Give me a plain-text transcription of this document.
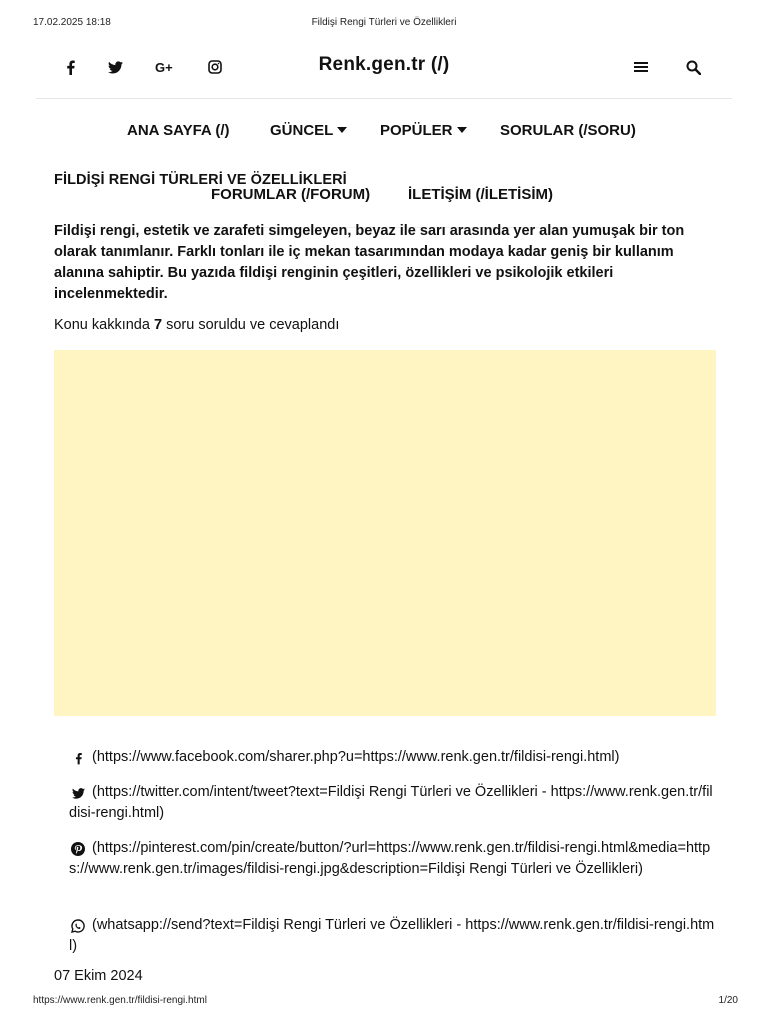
17.02.2025 18:18	Fildişi Rengi Türleri ve Özellikleri
G+	Renk.gen.tr (/)
ANA SAYFA (/)	GÜNCEL	POPÜLER	SORULAR (/SORU)
FİLDİŞİ RENGİ TÜRLERİ VE ÖZELLİKLERİ
FORUMLAR (/FORUM)	İLETİŞİM (/İLETİSİM)

Fildişi rengi, estetik ve zarafeti simgeleyen, beyaz ile sarı arasında yer alan yumuşak bir ton olarak tanımlanır. Farklı tonları ile iç mekan tasarımından modaya kadar geniş bir kullanım alanına sahiptir. Bu yazıda fildişi renginin çeşitleri, özellikleri ve psikolojik etkileri incelenmektedir.

Konu kakkında 7 soru soruldu ve cevaplandı
(https://www.facebook.com/sharer.php?u=https://www.renk.gen.tr/fildisi-rengi.html)
(https://twitter.com/intent/tweet?text=Fildişi Rengi Türleri ve Özellikleri - https://www.renk.gen.tr/fildisi-rengi.html)
(https://pinterest.com/pin/create/button/?url=https://www.renk.gen.tr/fildisi-rengi.html&media=https://www.renk.gen.tr/images/fildisi-rengi.jpg&description=Fildişi Rengi Türleri ve Özellikleri)
(whatsapp://send?text=Fildişi Rengi Türleri ve Özellikleri - https://www.renk.gen.tr/fildisi-rengi.html)
07 Ekim 2024
https://www.renk.gen.tr/fildisi-rengi.html	1/20
